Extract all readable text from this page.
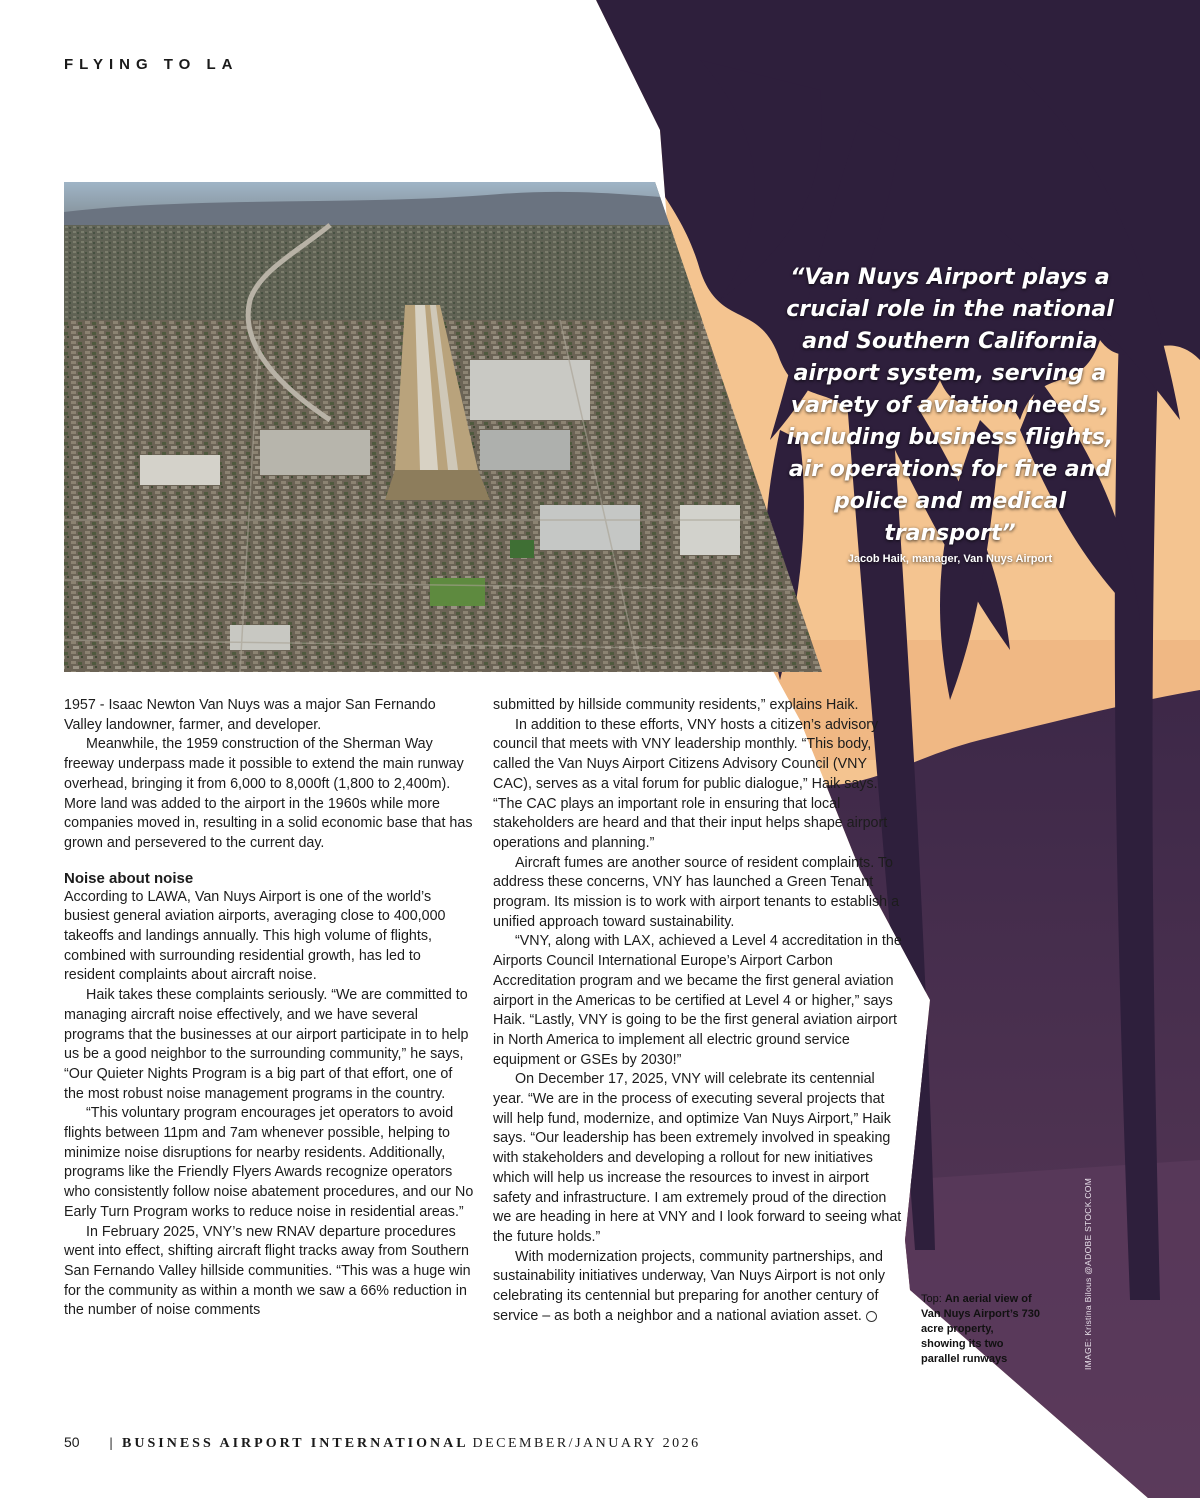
FLYING TO LA
“Van Nuys Airport plays a crucial role in the national and Southern California airport system, serving a variety of aviation needs, including business flights, air operations for fire and police and medical transport”
Jacob Haik, manager, Van Nuys Airport

1957 - Isaac Newton Van Nuys was a major San Fernando Valley landowner, farmer, and developer.

Meanwhile, the 1959 construction of the Sherman Way freeway underpass made it possible to extend the main runway overhead, bringing it from 6,000 to 8,000ft (1,800 to 2,400m). More land was added to the airport in the 1960s while more companies moved in, resulting in a solid economic base that has grown and persevered to the current day.

Noise about noise

According to LAWA, Van Nuys Airport is one of the world’s busiest general aviation airports, averaging close to 400,000 takeoffs and landings annually. This high volume of flights, combined with surrounding residential growth, has led to resident complaints about aircraft noise.

Haik takes these complaints seriously. “We are committed to managing aircraft noise effectively, and we have several programs that the businesses at our airport participate in to help us be a good neighbor to the surrounding community,” he says, “Our Quieter Nights Program is a big part of that effort, one of the most robust noise management programs in the country.

“This voluntary program encourages jet operators to avoid flights between 11pm and 7am whenever possible, helping to minimize noise disruptions for nearby residents. Additionally, programs like the Friendly Flyers Awards recognize operators who consistently follow noise abatement procedures, and our No Early Turn Program works to reduce noise in residential areas.”

In February 2025, VNY’s new RNAV departure procedures went into effect, shifting aircraft flight tracks away from Southern San Fernando Valley hillside communities. “This was a huge win for the community as within a month we saw a 66% reduction in the number of noise comments

submitted by hillside community residents,” explains Haik.

In addition to these efforts, VNY hosts a citizen’s advisory council that meets with VNY leadership monthly. “This body, called the Van Nuys Airport Citizens Advisory Council (VNY CAC), serves as a vital forum for public dialogue,” Haik says. “The CAC plays an important role in ensuring that local stakeholders are heard and that their input helps shape airport operations and planning.”

Aircraft fumes are another source of resident complaints. To address these concerns, VNY has launched a Green Tenant program. Its mission is to work with airport tenants to establish a unified approach toward sustainability.

“VNY, along with LAX, achieved a Level 4 accreditation in the Airports Council International Europe’s Airport Carbon Accreditation program and we became the first general aviation airport in the Americas to be certified at Level 4 or higher,” says Haik. “Lastly, VNY is going to be the first general aviation airport in North America to implement all electric ground service equipment or GSEs by 2030!”

On December 17, 2025, VNY will celebrate its centennial year. “We are in the process of executing several projects that will help fund, modernize, and optimize Van Nuys Airport,” Haik says. “Our leadership has been extremely involved in speaking with stakeholders and developing a rollout for new initiatives which will help us increase the resources to invest in airport safety and infrastructure. I am extremely proud of the direction we are heading in here at VNY and I look forward to seeing what the future holds.”

With modernization projects, community partnerships, and sustainability initiatives underway, Van Nuys Airport is not only celebrating its centennial but preparing for another century of service – as both a neighbor and a national aviation asset.

Top: An aerial view of Van Nuys Airport’s 730 acre property, showing its two parallel runways	IMAGE: Kristina Bilous @ADOBE STOCK.COM
50 | BUSINESS AIRPORT INTERNATIONAL DECEMBER/JANUARY 2026
